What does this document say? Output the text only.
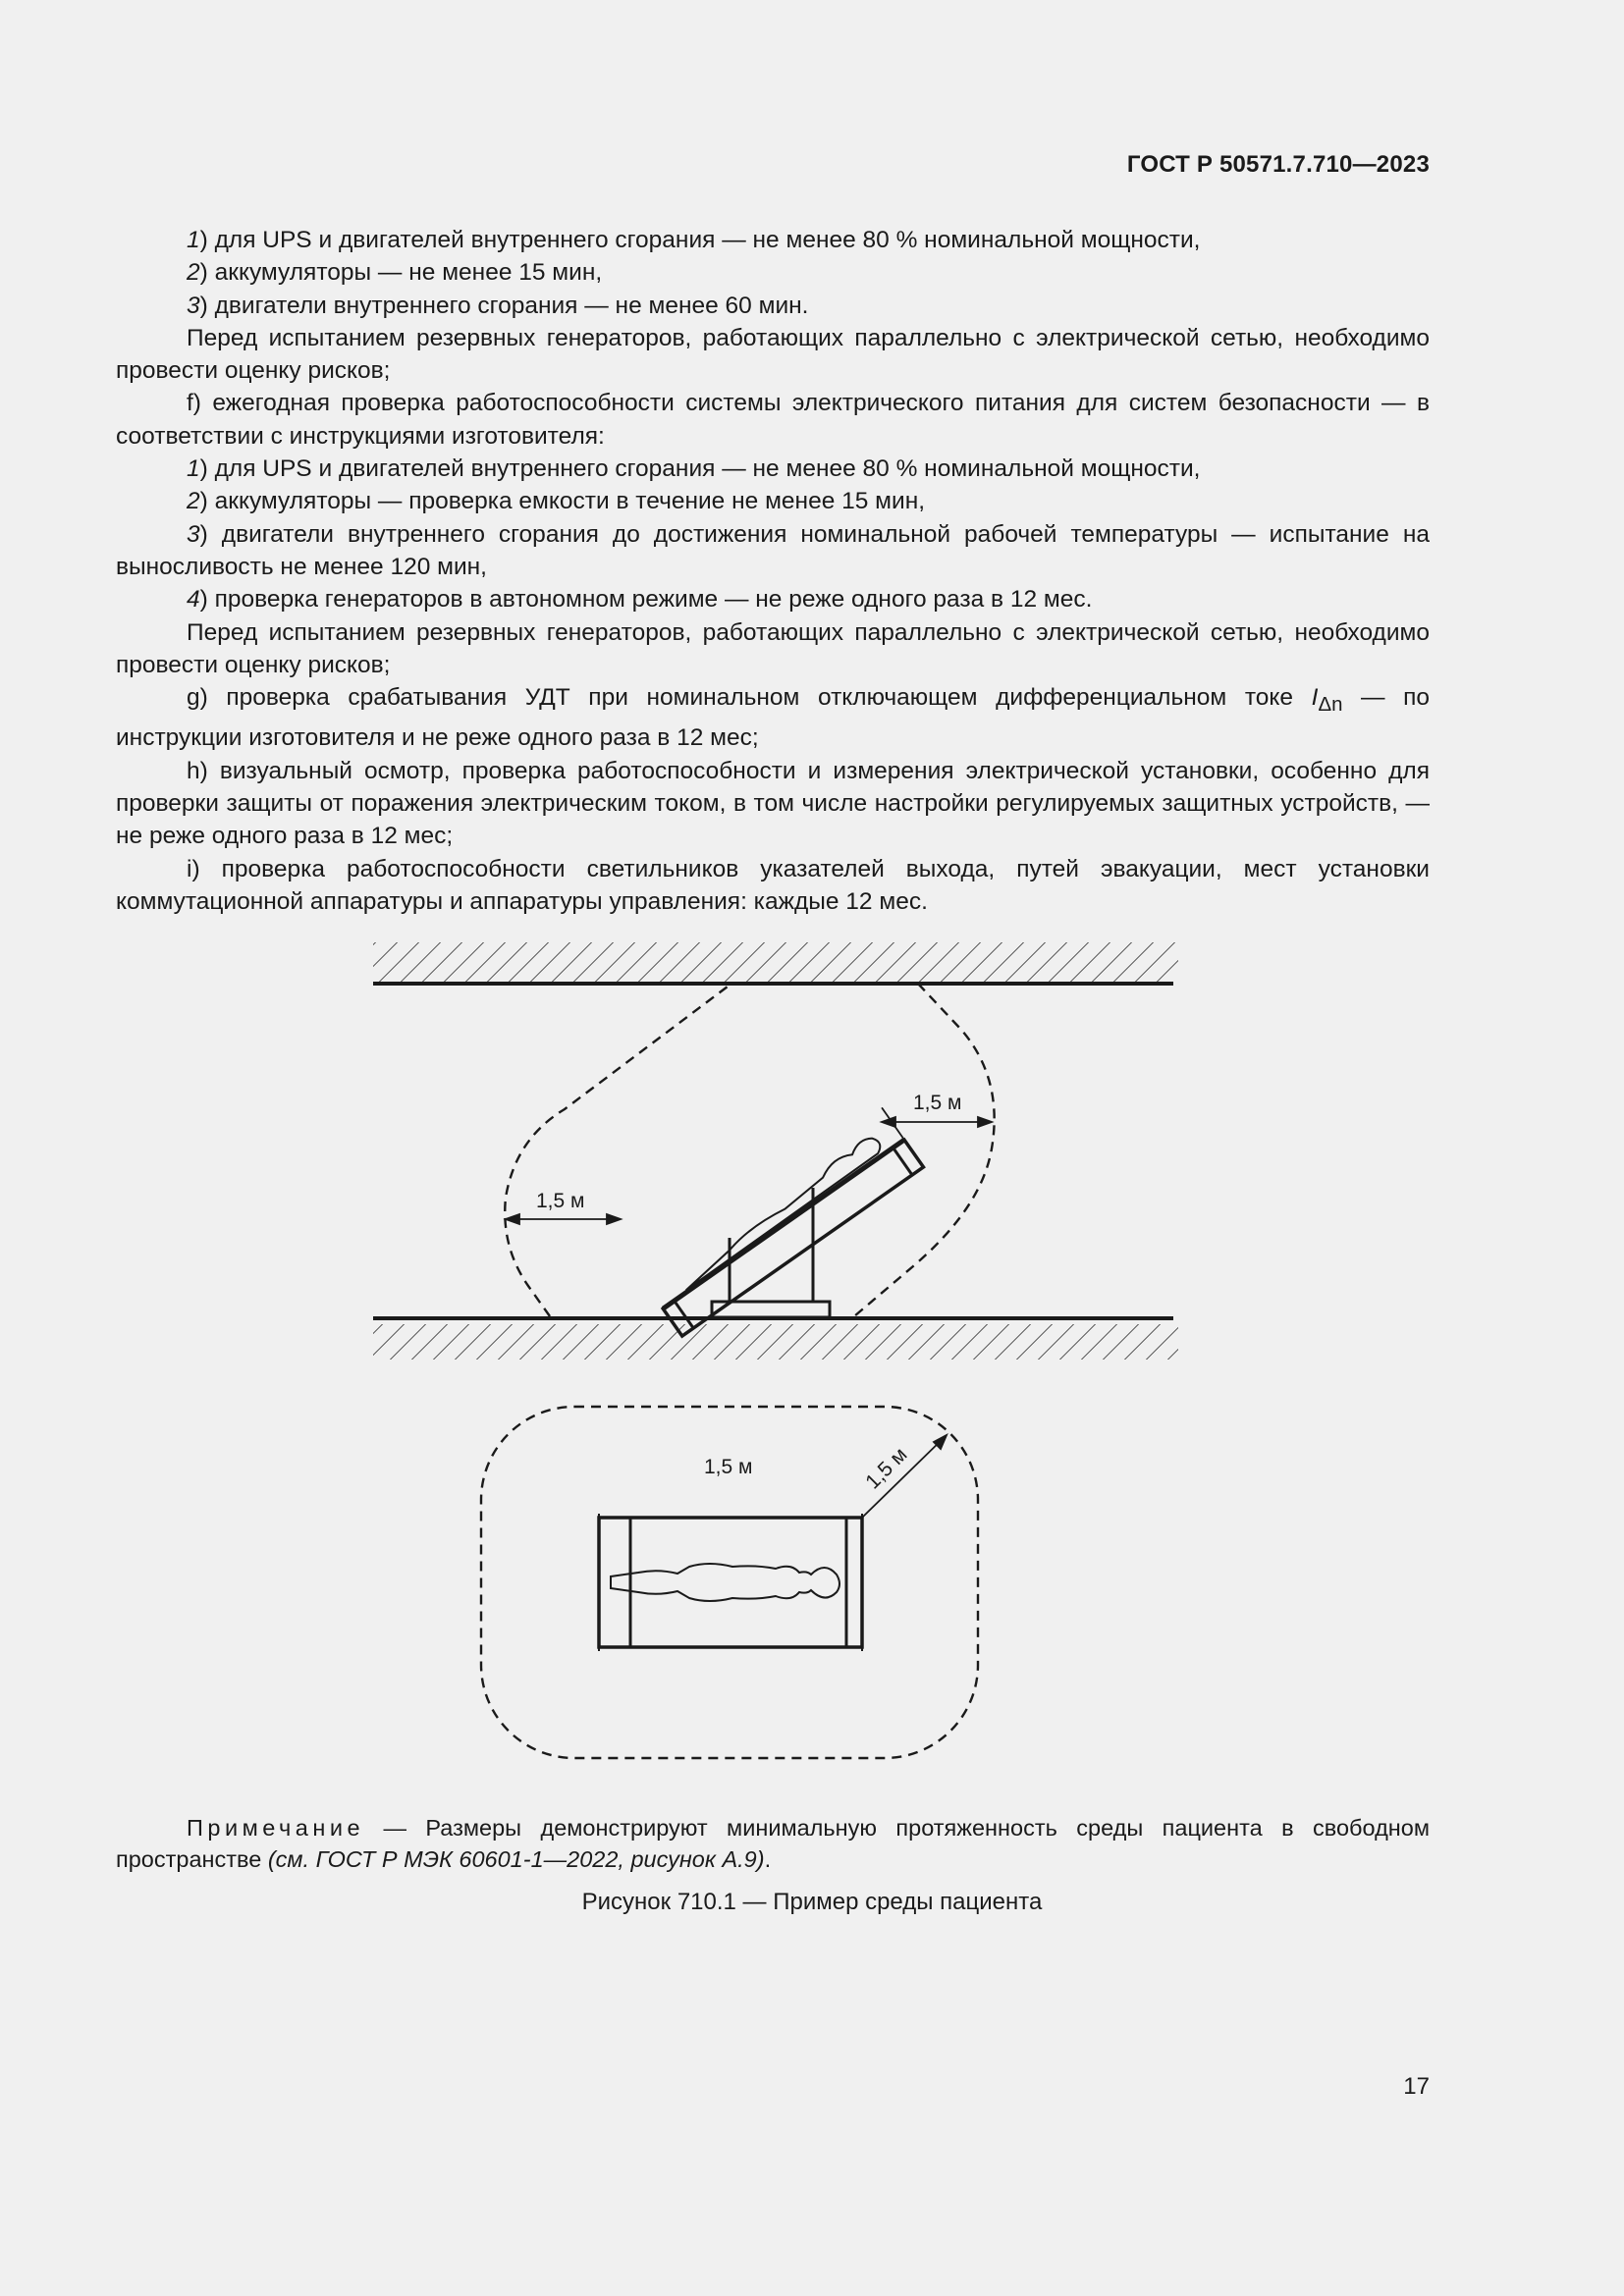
ГОСТ Р 50571.7.710—2023

1) для UPS и двигателей внутреннего сгорания — не менее 80 % номинальной мощности,

2) аккумуляторы — не менее 15 мин,

3) двигатели внутреннего сгорания — не менее 60 мин.

Перед испытанием резервных генераторов, работающих параллельно с электрической сетью, необходимо провести оценку рисков;

f) ежегодная проверка работоспособности системы электрического питания для систем безопасности — в соответствии с инструкциями изготовителя:

1) для UPS и двигателей внутреннего сгорания — не менее 80 % номинальной мощности,

2) аккумуляторы — проверка емкости в течение не менее 15 мин,

3) двигатели внутреннего сгорания до достижения номинальной рабочей температуры — испытание на выносливость не менее 120 мин,

4) проверка генераторов в автономном режиме — не реже одного раза в 12 мес.

Перед испытанием резервных генераторов, работающих параллельно с электрической сетью, необходимо провести оценку рисков;

g) проверка срабатывания УДТ при номинальном отключающем дифференциальном токе $I_{\Delta n}$ — по инструкции изготовителя и не реже одного раза в 12 мес;

h) визуальный осмотр, проверка работоспособности и измерения электрической установки, особенно для проверки защиты от поражения электрическим током, в том числе настройки регулируемых защитных устройств, — не реже одного раза в 12 мес;

i) проверка работоспособности светильников указателей выхода, путей эвакуации, мест установки коммутационной аппаратуры и аппаратуры управления: каждые 12 мес.

1,5 м
1,5 м
1,5 м	1,5 м
Примечание — Размеры демонстрируют минимальную протяженность среды пациента в свободном пространстве (см. ГОСТ Р МЭК 60601-1—2022, рисунок А.9).
Рисунок 710.1 — Пример среды пациента
17
